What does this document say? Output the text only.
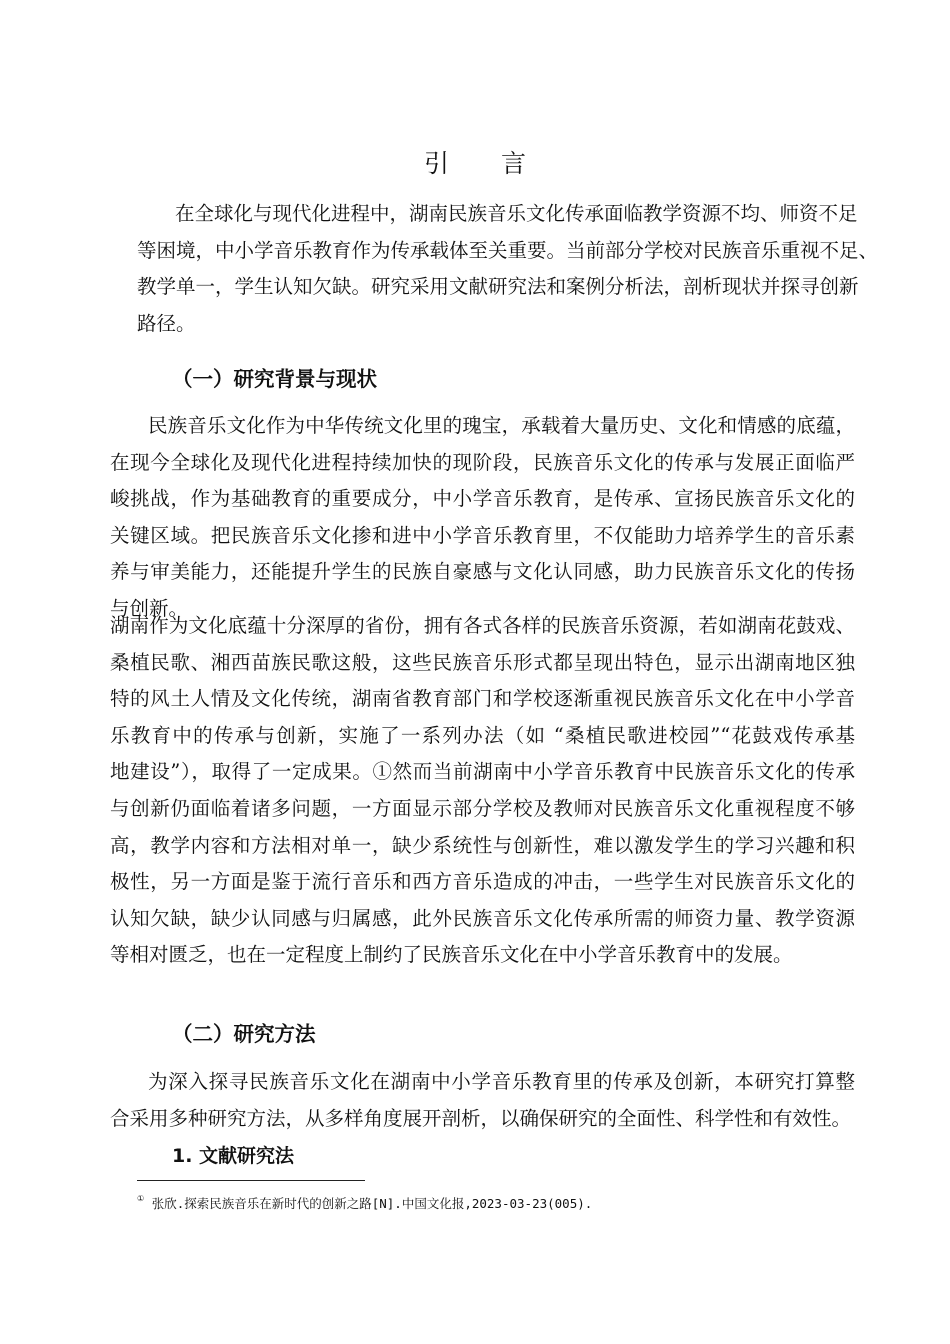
引言
在全球化与现代化进程中，湖南民族音乐文化传承面临教学资源不均、师资不足
等困境，中小学音乐教育作为传承载体至关重要。当前部分学校对民族音乐重视不足、
教学单一，学生认知欠缺。研究采用文献研究法和案例分析法，剖析现状并探寻创新
路径。
（一）研究背景与现状
民族音乐文化作为中华传统文化里的瑰宝，承载着大量历史、文化和情感的底蕴，
在现今全球化及现代化进程持续加快的现阶段，民族音乐文化的传承与发展正面临严
峻挑战，作为基础教育的重要成分，中小学音乐教育，是传承、宣扬民族音乐文化的
关键区域。把民族音乐文化掺和进中小学音乐教育里，不仅能助力培养学生的音乐素
养与审美能力，还能提升学生的民族自豪感与文化认同感，助力民族音乐文化的传扬
与创新。
湖南作为文化底蕴十分深厚的省份，拥有各式各样的民族音乐资源，若如湖南花鼓戏、
桑植民歌、湘西苗族民歌这般，这些民族音乐形式都呈现出特色，显示出湖南地区独
特的风土人情及文化传统，湖南省教育部门和学校逐渐重视民族音乐文化在中小学音
乐教育中的传承与创新，实施了一系列办法（如 “桑植民歌进校园”“花鼓戏传承基
地建设”），取得了一定成果。①然而当前湖南中小学音乐教育中民族音乐文化的传承
与创新仍面临着诸多问题，一方面显示部分学校及教师对民族音乐文化重视程度不够
高，教学内容和方法相对单一，缺少系统性与创新性，难以激发学生的学习兴趣和积
极性，另一方面是鉴于流行音乐和西方音乐造成的冲击，一些学生对民族音乐文化的
认知欠缺，缺少认同感与归属感，此外民族音乐文化传承所需的师资力量、教学资源
等相对匮乏，也在一定程度上制约了民族音乐文化在中小学音乐教育中的发展。
（二）研究方法
为深入探寻民族音乐文化在湖南中小学音乐教育里的传承及创新，本研究打算整
合采用多种研究方法，从多样角度展开剖析，以确保研究的全面性、科学性和有效性。
1. 文献研究法
① 张欣.探索民族音乐在新时代的创新之路[N].中国文化报,2023-03-23(005).
